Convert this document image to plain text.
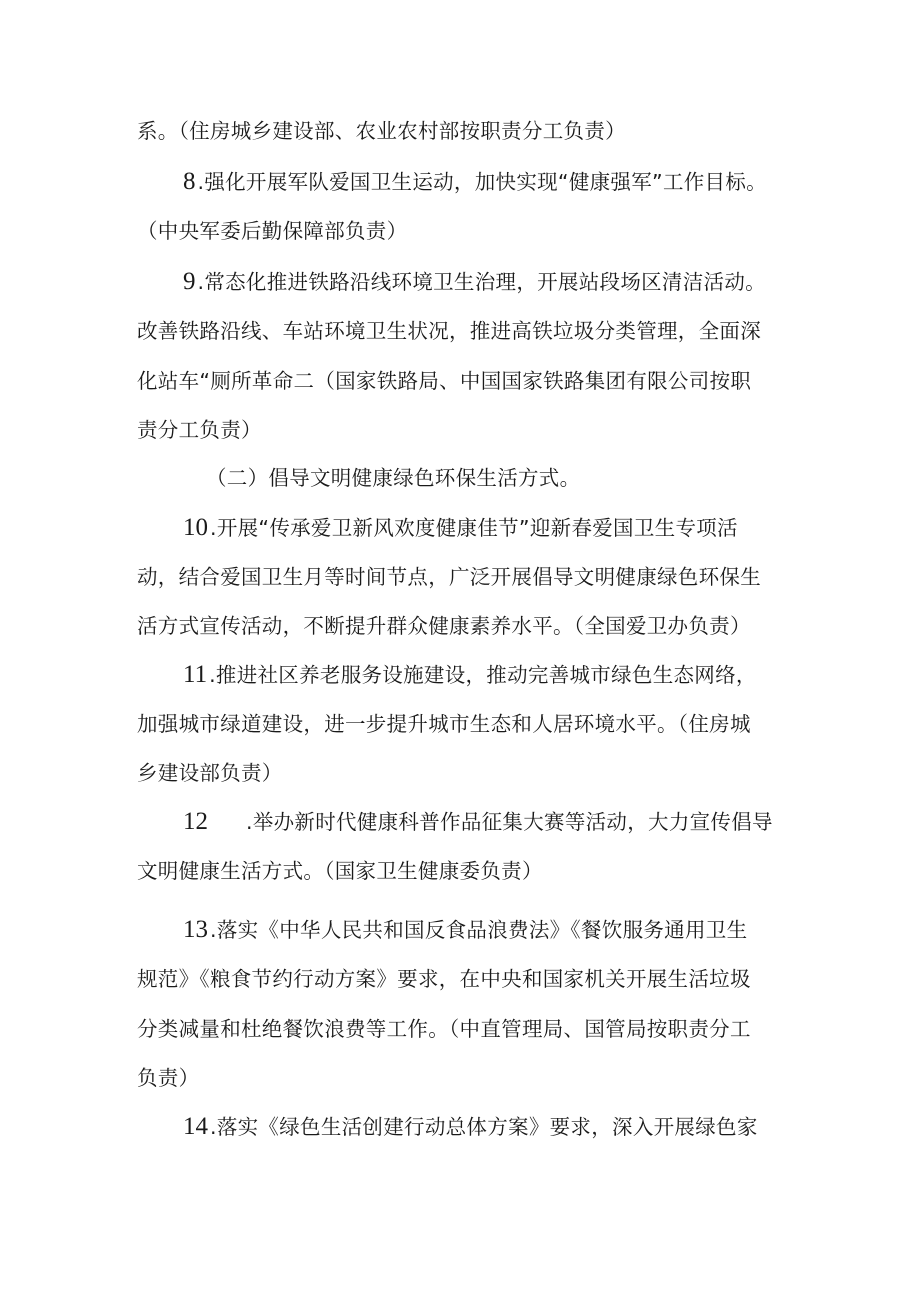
系。（住房城乡建设部、农业农村部按职责分工负责）
8.强化开展军队爱国卫生运动，加快实现“健康强军”工作目标。
（中央军委后勤保障部负责）
9.常态化推进铁路沿线环境卫生治理，开展站段场区清洁活动。
改善铁路沿线、车站环境卫生状况，推进高铁垃圾分类管理，全面深
化站车“厕所革命二（国家铁路局、中国国家铁路集团有限公司按职
责分工负责）
（二）倡导文明健康绿色环保生活方式。
10.开展“传承爱卫新风欢度健康佳节”迎新春爱国卫生专项活
动，结合爱国卫生月等时间节点，广泛开展倡导文明健康绿色环保生
活方式宣传活动，不断提升群众健康素养水平。（全国爱卫办负责）
11.推进社区养老服务设施建设，推动完善城市绿色生态网络，
加强城市绿道建设，进一步提升城市生态和人居环境水平。（住房城
乡建设部负责）
12 .举办新时代健康科普作品征集大赛等活动，大力宣传倡导
文明健康生活方式。（国家卫生健康委负责）
13.落实《中华人民共和国反食品浪费法》《餐饮服务通用卫生
规范》《粮食节约行动方案》要求，在中央和国家机关开展生活垃圾
分类减量和杜绝餐饮浪费等工作。（中直管理局、国管局按职责分工
负责）
14.落实《绿色生活创建行动总体方案》要求，深入开展绿色家
